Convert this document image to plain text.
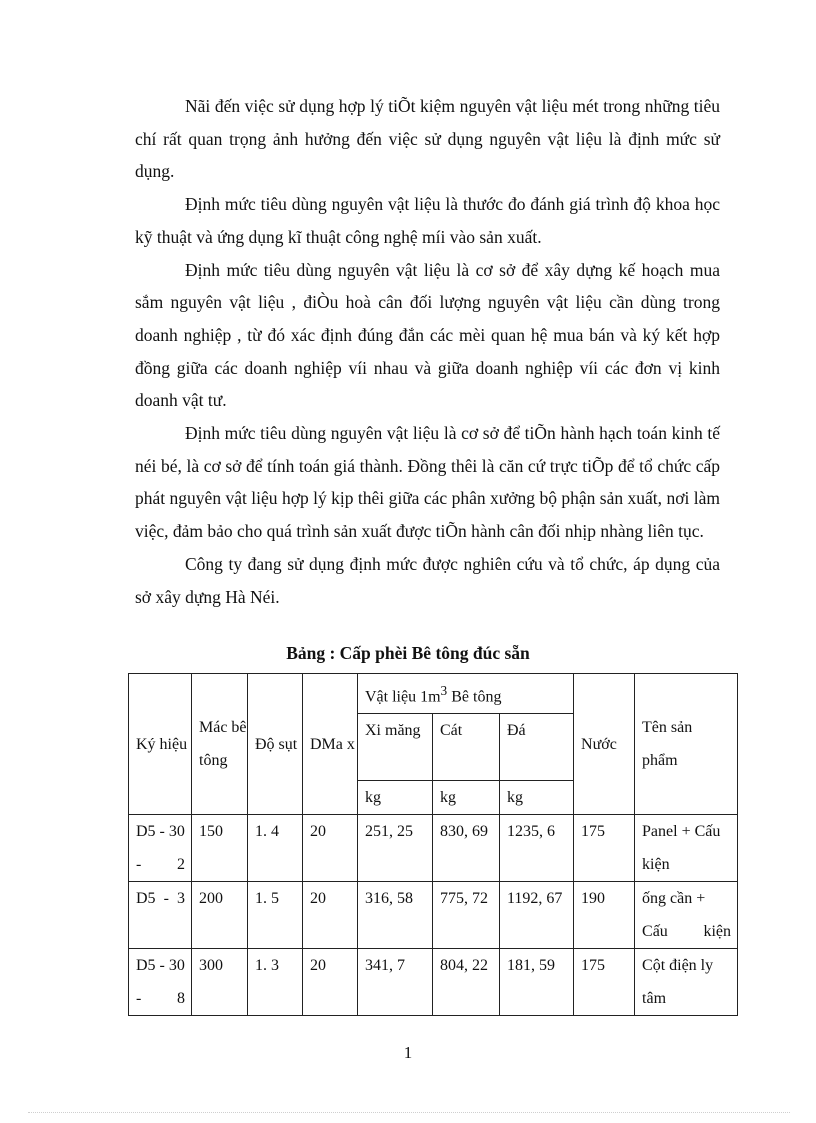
Nãi đến việc sử dụng hợp lý tiÕt kiệm nguyên vật liệu mét trong những tiêu chí rất quan trọng ảnh hưởng đến việc sử dụng nguyên vật liệu là định mức sử dụng.

Định mức tiêu dùng nguyên vật liệu là thước đo đánh giá trình độ khoa học kỹ thuật và ứng dụng kĩ thuật công nghệ míi vào sản xuất.

Định mức tiêu dùng nguyên vật liệu là cơ sở để xây dựng kế hoạch mua sắm nguyên vật liệu , điÒu hoà cân đối lượng nguyên vật liệu cần dùng trong doanh nghiệp , từ đó xác định đúng đắn các mèi quan hệ mua bán và ký kết hợp đồng giữa các doanh nghiệp víi nhau và giữa doanh nghiệp víi các đơn vị kinh doanh vật tư.

Định mức tiêu dùng nguyên vật liệu là cơ sở để tiÕn hành hạch toán kinh tế néi bé, là cơ sở để tính toán giá thành. Đồng thêi là căn cứ trực tiÕp để tổ chức cấp phát nguyên vật liệu hợp lý kịp thêi giữa các phân xưởng bộ phận sản xuất, nơi làm việc, đảm bảo cho quá trình sản xuất được tiÕn hành cân đối nhịp nhàng liên tục.

Công ty đang sử dụng định mức được nghiên cứu và tổ chức, áp dụng của sở xây dựng Hà Néi.

Bảng : Cấp phèi Bê tông đúc sẵn
Ký hiệu	Mác bê tông	Độ sụt	DMa x	Vật liệu $1m^3$ Bê tông			Nước	Tên sản phẩm
				Xi măng	Cát	Đá		
				kg	kg	kg		
D5 - 30 - 2	150	1. 4	20	251, 25	830, 69	1235, 6	175	Panel + Cấu kiện
D5 - 3	200	1. 5	20	316, 58	775, 72	1192, 67	190	ống cần + Cấu kiện
D5 - 30 - 8	300	1. 3	20	341, 7	804, 22	181, 59	175	Cột điện ly tâm
1
